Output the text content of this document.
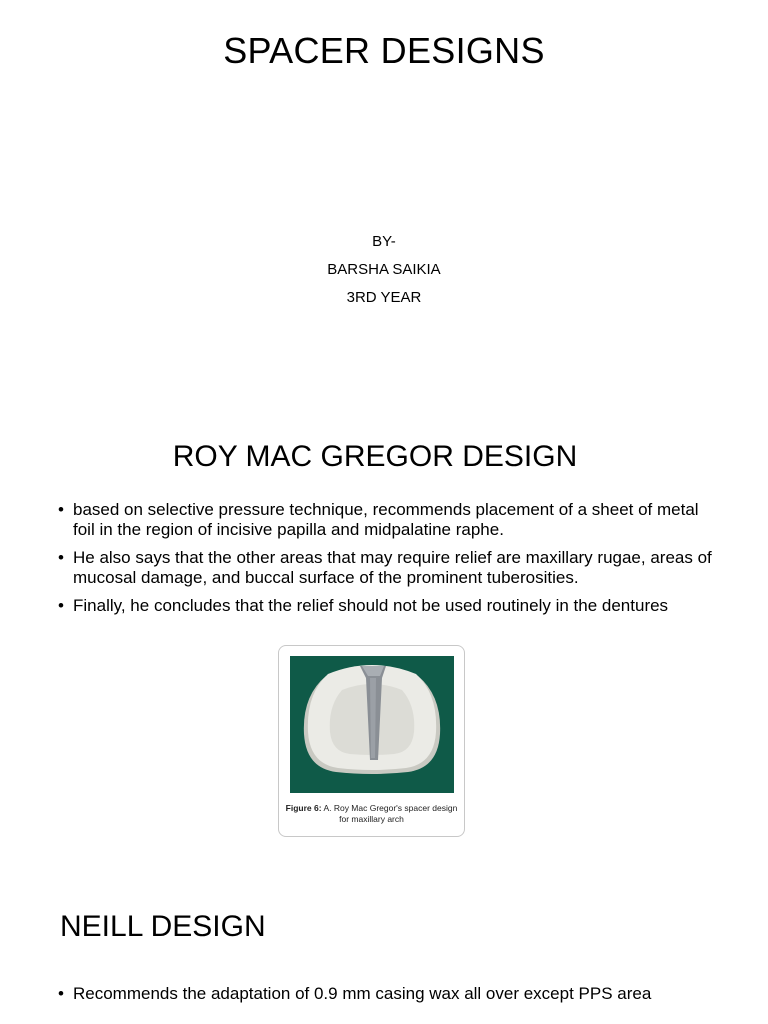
SPACER DESIGNS
BY-
BARSHA SAIKIA
3RD YEAR
ROY MAC GREGOR DESIGN
• based on selective pressure technique, recommends placement of a sheet of metal foil in the region of incisive papilla and midpalatine raphe.
• He also says that the other areas that may require relief are maxillary rugae, areas of mucosal damage, and buccal surface of the prominent tuberosities.
• Finally, he concludes that the relief should not be used routinely in the dentures
Figure 6: A. Roy Mac Gregor's spacer design for maxillary arch
NEILL DESIGN
• Recommends the adaptation of 0.9 mm casing wax all over except PPS area
